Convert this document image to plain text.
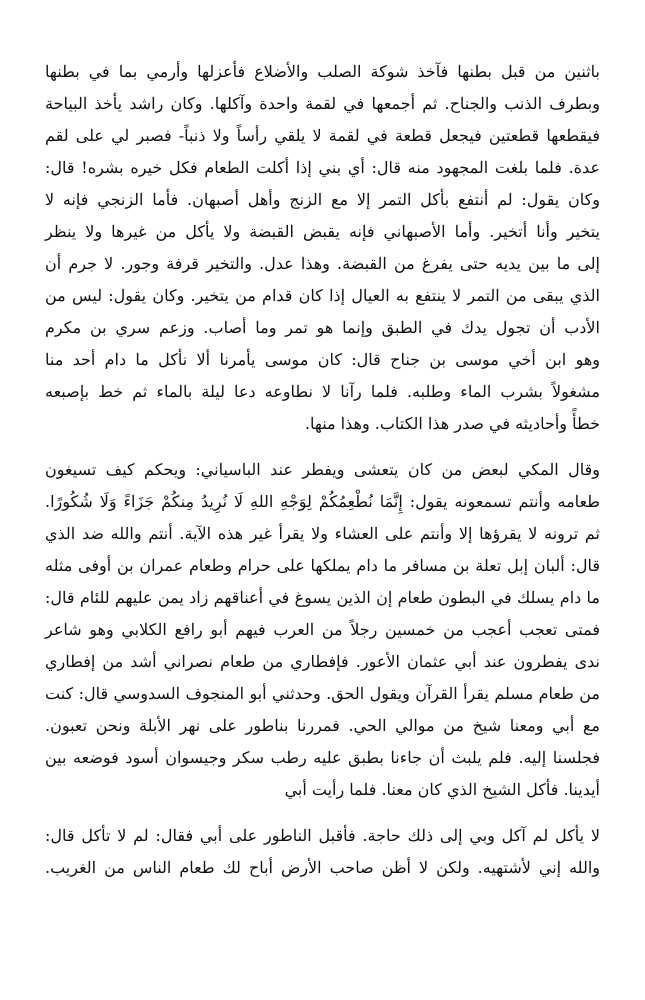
باثنين من قبل بطنها فآخذ شوكة الصلب والأضلاع فأعزلها وأرمي بما في بطنها
وبطرف الذنب والجناح. ثم أجمعها في لقمة واحدة وآكلها. وكان راشد يأخذ البياحة
فيقطعها قطعتين فيجعل قطعة في لقمة لا يلقي رأساً ولا ذنباً- فصبر لي على لقم
عدة. فلما بلغت المجهود منه قال: أي بني إذا أكلت الطعام فكل خيره بشره! قال:
وكان يقول: لم أنتفع بأكل التمر إلا مع الزنج وأهل أصبهان. فأما الزنجي فإنه لا
يتخير وأنا أتخير. وأما الأصبهاني فإنه يقبض القبضة ولا يأكل من غيرها ولا ينظر
إلى ما بين يديه حتى يفرغ من القبضة. وهذا عدل. والتخير قرفة وجور. لا جرم أن
الذي يبقى من التمر لا ينتفع به العيال إذا كان قدام من يتخير. وكان يقول: ليس من
الأدب أن تجول يدك في الطبق وإنما هو تمر وما أصاب. وزعم سري بن مكرم
وهو ابن أخي موسى بن جناح قال: كان موسى يأمرنا ألا نأكل ما دام أحد منا
مشغولاً بشرب الماء وطلبه. فلما رآنا لا نطاوعه دعا ليلة بالماء ثم خط بإصبعه
خطأً وأحاديثه في صدر هذا الكتاب. وهذا منها.
وقال المكي لبعض من كان يتعشى ويفطر عند الباسياني: ويحكم كيف تسيغون
طعامه وأنتم تسمعونه يقول: إِنَّمَا نُطْعِمُكُمْ لِوَجْهِ اللهِ لَا نُرِيدُ مِنكُمْ جَزَاءً وَلَا شُكُورًا.
ثم ترونه لا يقرؤها إلا وأنتم على العشاء ولا يقرأ غير هذه الآية. أنتم والله ضد الذي
قال: ألبان إبل تعلة بن مسافر ما دام يملكها على حرام وطعام عمران بن أوفى مثله
ما دام يسلك في البطون طعام إن الذين يسوغ في أعناقهم زاد يمن عليهم للئام قال:
فمتى تعجب أعجب من خمسين رجلاً من العرب فيهم أبو رافع الكلابي وهو شاعر
ندى يفطرون عند أبي عثمان الأعور. فإفطاري من طعام نصراني أشد من إفطاري
من طعام مسلم يقرأ القرآن ويقول الحق. وحدثني أبو المنجوف السدوسي قال: كنت
مع أبي ومعنا شيخ من موالي الحي. فمررنا بناطور على نهر الأبلة ونحن تعبون.
فجلسنا إليه. فلم يلبث أن جاءنا بطبق عليه رطب سكر وجيسوان أسود فوضعه بين
أيدينا. فأكل الشيخ الذي كان معنا. فلما رأيت أبي
لا يأكل لم آكل وبي إلى ذلك حاجة. فأقبل الناطور على أبي فقال: لم لا تأكل قال:
والله إني لأشتهيه. ولكن لا أظن صاحب الأرض أباح لك طعام الناس من الغريب.
